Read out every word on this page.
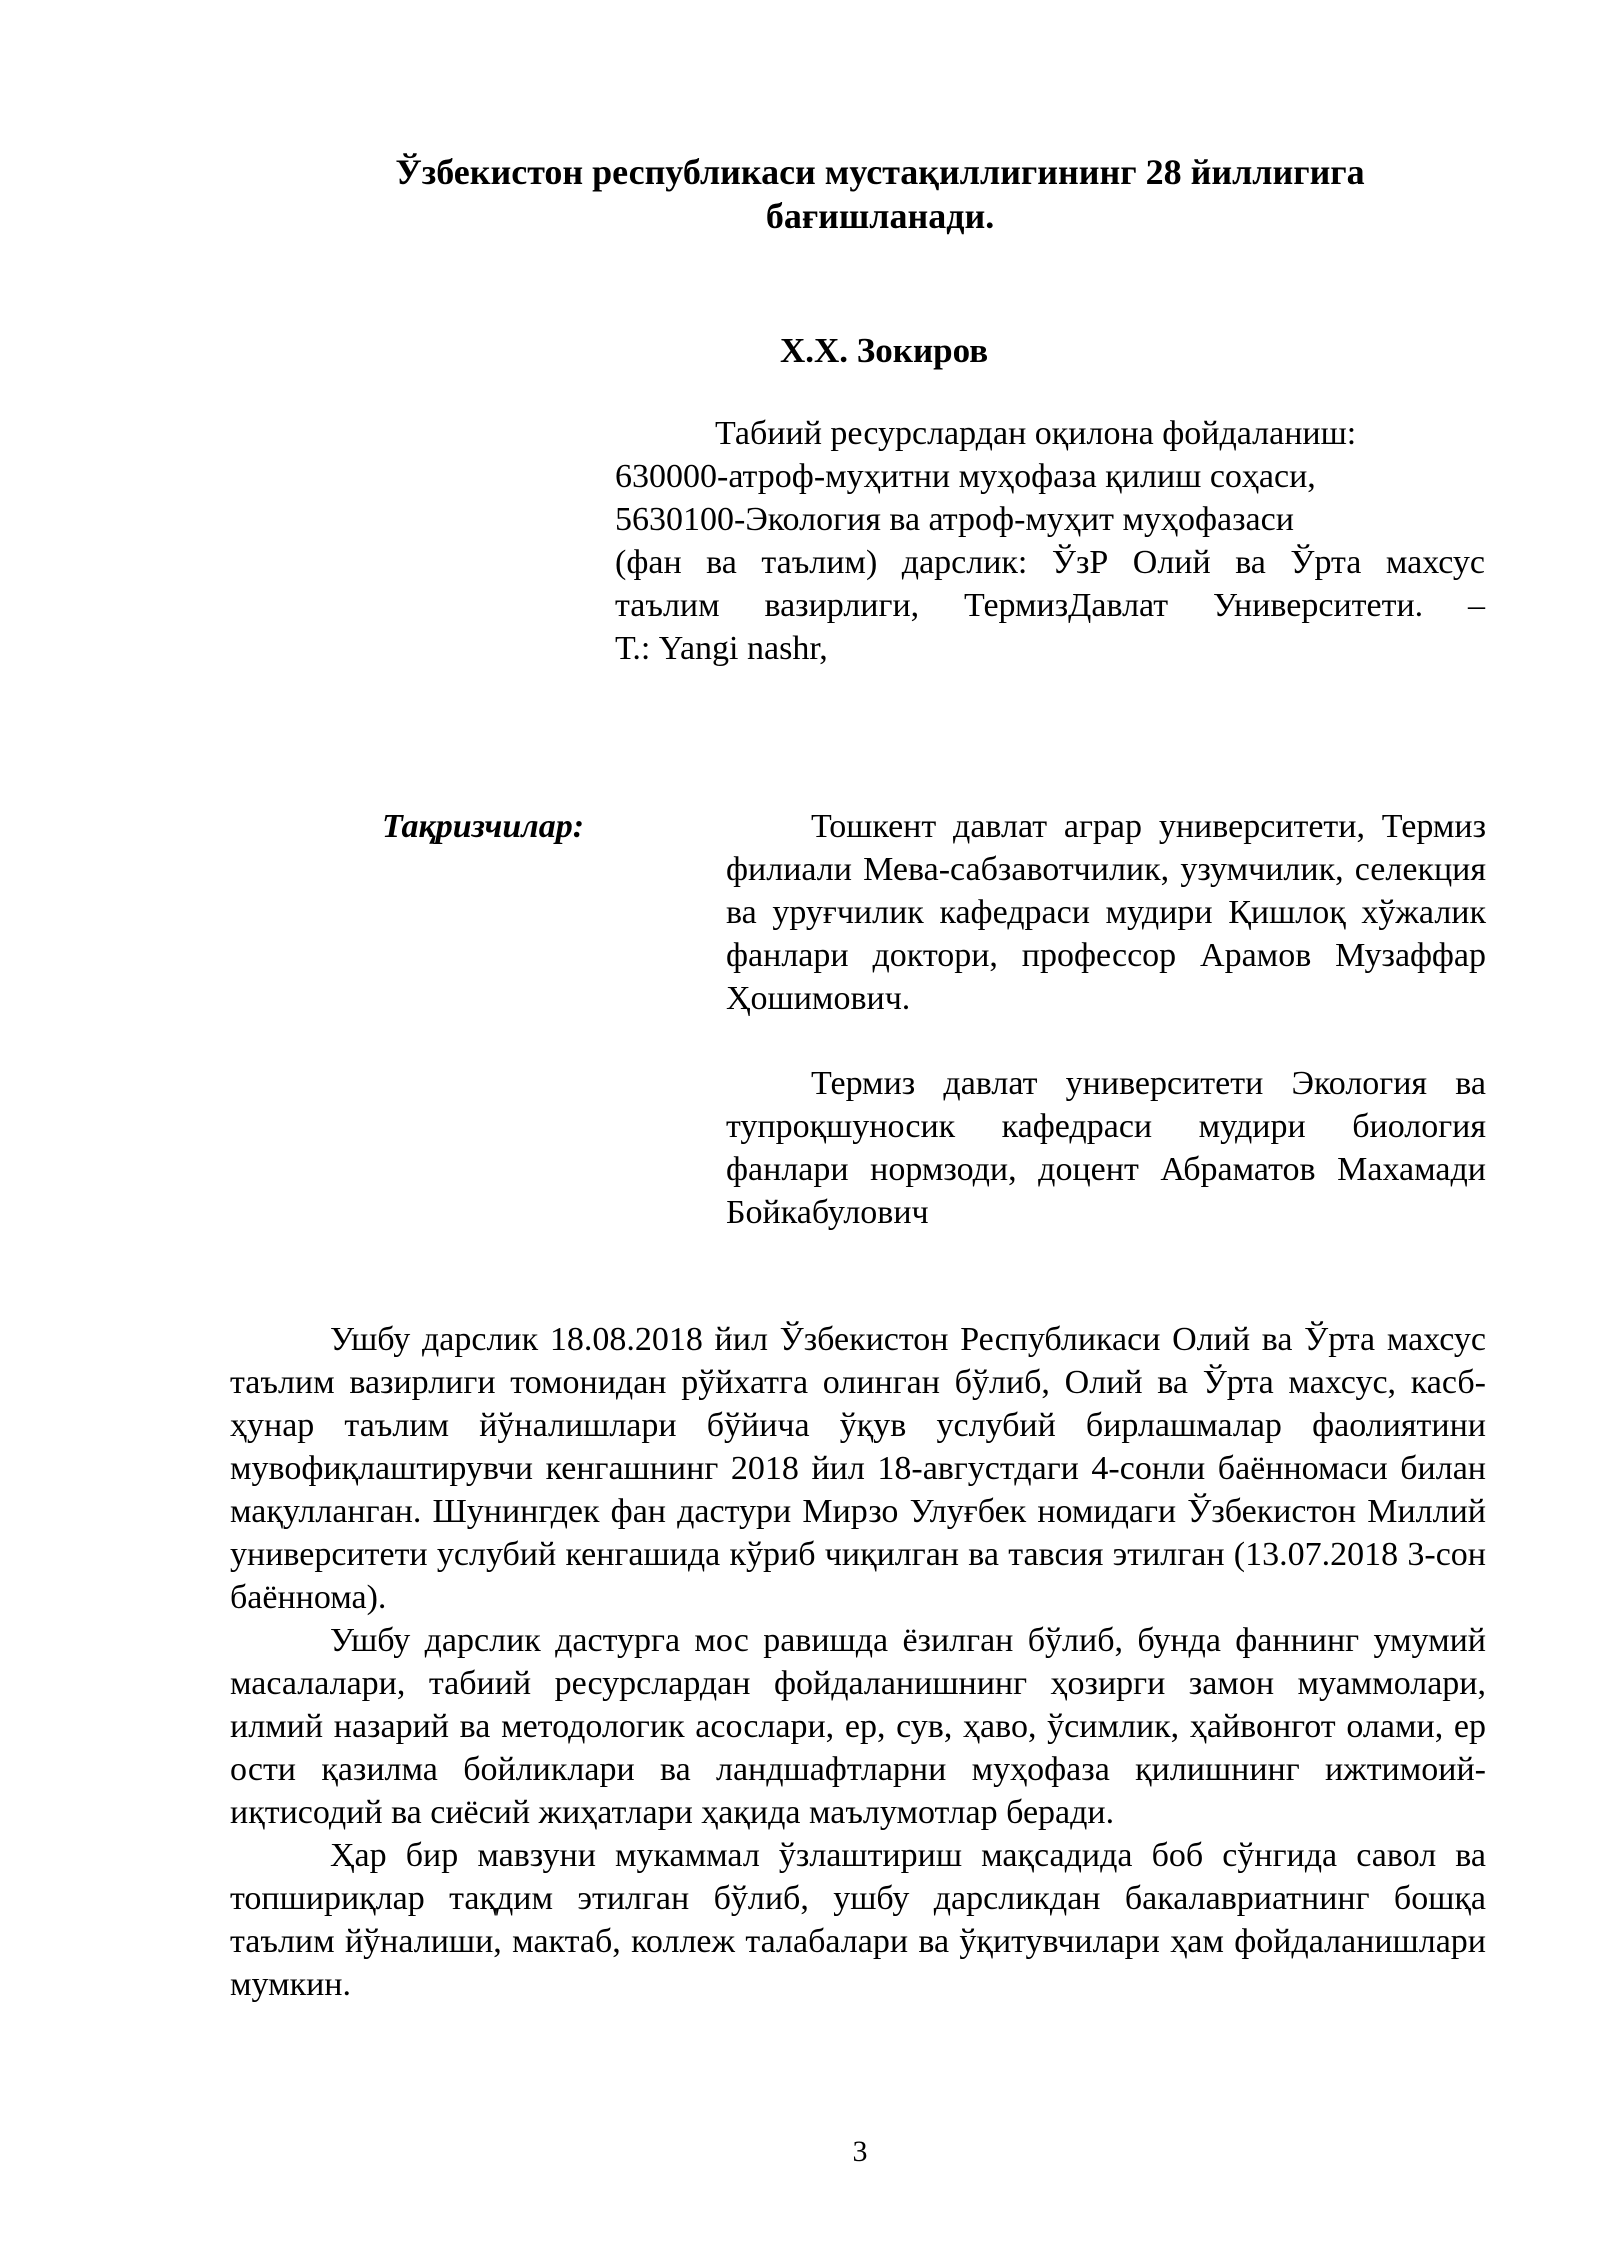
Ўзбекистон республикаси мустақиллигининг 28 йиллигига
бағишланади.
Х.Х. Зокиров
Табиий ресурслардан оқилона фойдаланиш:
630000-атроф-муҳитни муҳофаза қилиш соҳаси,
5630100-Экология ва атроф-муҳит муҳофазаси
(фан ва таълим) дарслик: ЎзР Олий ва Ўрта махсус
таълим вазирлиги, ТермизДавлат Университети. –
Т.: Yangi nashr,
Тақризчилар:	Тошкент давлат аграр университети, Термиз филиали Мева-сабзавотчилик, узумчилик, селекция ва уруғчилик кафедраси мудири Қишлоқ хўжалик фанлари доктори, профессор Арамов Музаффар Ҳошимович.
Термиз давлат университети Экология ва тупроқшуносик кафедраси мудири биология фанлари нормзоди, доцент Абраматов Махамади Бойкабулович

Ушбу дарслик 18.08.2018 йил Ўзбекистон Республикаси Олий ва Ўрта махсус таълим вазирлиги томонидан рўйхатга олинган бўлиб, Олий ва Ўрта махсус, касб-ҳунар таълим йўналишлари бўйича ўқув услубий бирлашмалар фаолиятини мувофиқлаштирувчи кенгашнинг 2018 йил 18-августдаги 4-сонли баённомаси билан мақулланган. Шунингдек фан дастури Мирзо Улуғбек номидаги Ўзбекистон Миллий университети услубий кенгашида кўриб чиқилган ва тавсия этилган (13.07.2018 3-сон баённома).

Ушбу дарслик дастурга мос равишда ёзилган бўлиб, бунда фаннинг умумий масалалари, табиий ресурслардан фойдаланишнинг ҳозирги замон муаммолари, илмий назарий ва методологик асослари, ер, сув, ҳаво, ўсимлик, ҳайвонгот олами, ер ости қазилма бойликлари ва ландшафтларни муҳофаза қилишнинг ижтимоий-иқтисодий ва сиёсий жиҳатлари ҳақида маълумотлар беради.

Ҳар бир мавзуни мукаммал ўзлаштириш мақсадида боб сўнгида савол ва топшириқлар тақдим этилган бўлиб, ушбу дарсликдан бакалавриатнинг бошқа таълим йўналиши, мактаб, коллеж талабалари ва ўқитувчилари ҳам фойдаланишлари мумкин.

3
